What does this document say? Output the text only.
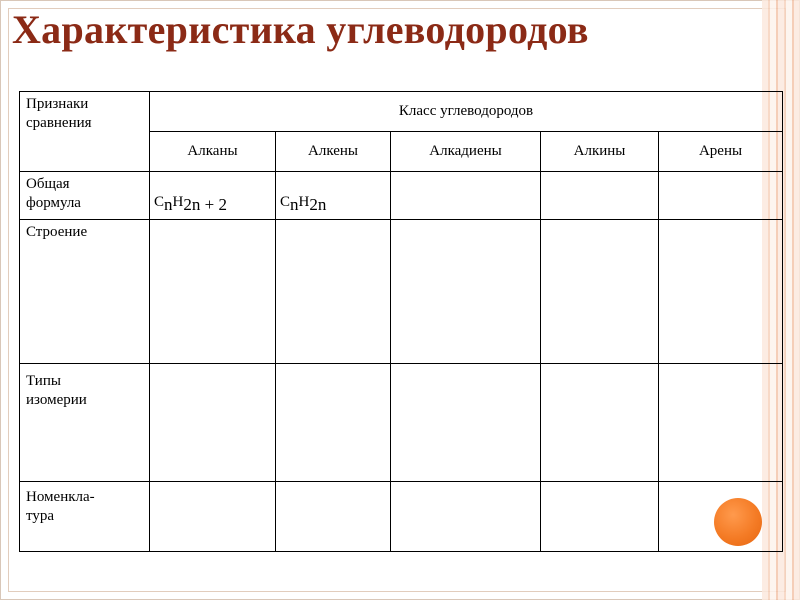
Характеристика углеводородов
Признаки
сравнения	Класс углеводородов				
	Алканы	Алкены	Алкадиены	Алкины	Арены

Общая
формула	$C_nH_{2n + 2}$	$C_nH_{2n}$			

Строение					

Типы
изомерии					

Номенкла-
тура					
